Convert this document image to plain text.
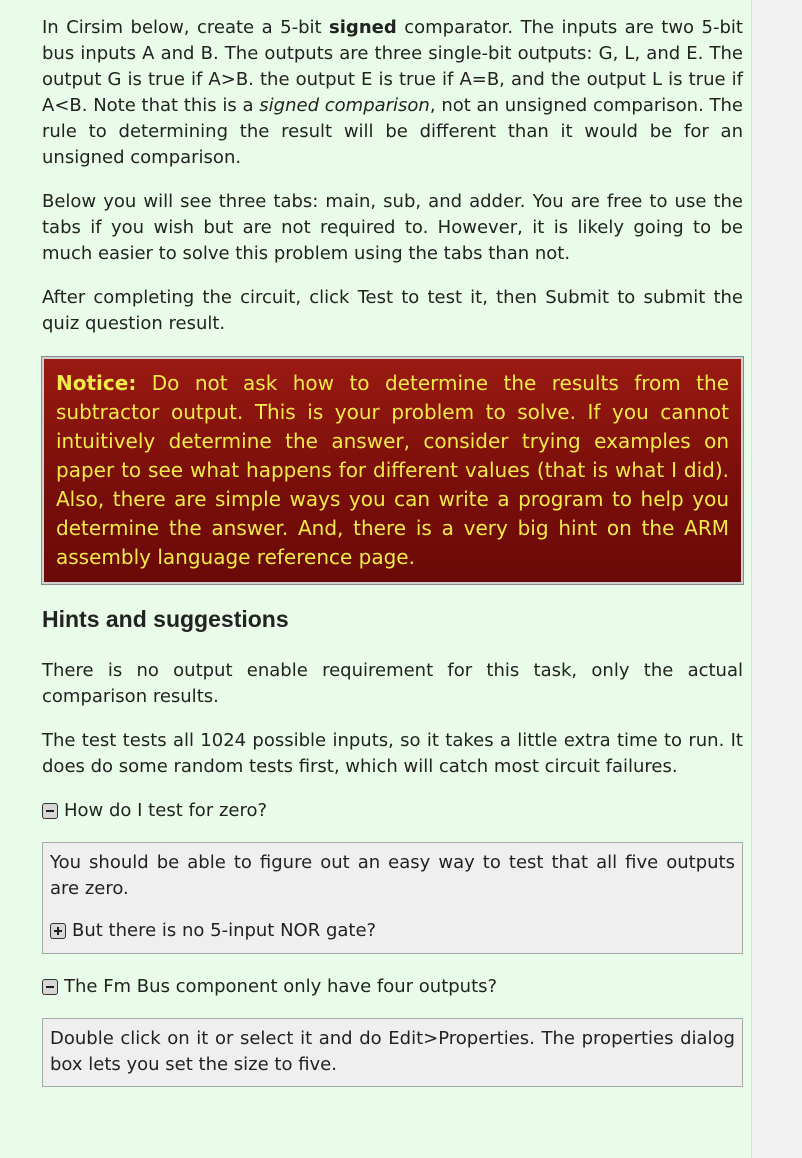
In Cirsim below, create a 5-bit signed comparator. The inputs are two 5-bit bus inputs A and B. The outputs are three single-bit outputs: G, L, and E. The output G is true if A>B. the output E is true if A=B, and the output L is true if A<B. Note that this is a signed comparison, not an unsigned comparison. The rule to determining the result will be different than it would be for an unsigned comparison.

Below you will see three tabs: main, sub, and adder. You are free to use the tabs if you wish but are not required to. However, it is likely going to be much easier to solve this problem using the tabs than not.

After completing the circuit, click Test to test it, then Submit to submit the quiz question result.

Notice: Do not ask how to determine the results from the subtractor output. This is your problem to solve. If you cannot intuitively determine the answer, consider trying examples on paper to see what happens for different values (that is what I did). Also, there are simple ways you can write a program to help you determine the answer. And, there is a very big hint on the ARM assembly language reference page.
Hints and suggestions

There is no output enable requirement for this task, only the actual comparison results.

The test tests all 1024 possible inputs, so it takes a little extra time to run. It does do some random tests first, which will catch most circuit failures.

How do I test for zero?

You should be able to figure out an easy way to test that all five outputs are zero.

But there is no 5-input NOR gate?
The Fm Bus component only have four outputs?

Double click on it or select it and do Edit>Properties. The properties dialog box lets you set the size to five.
